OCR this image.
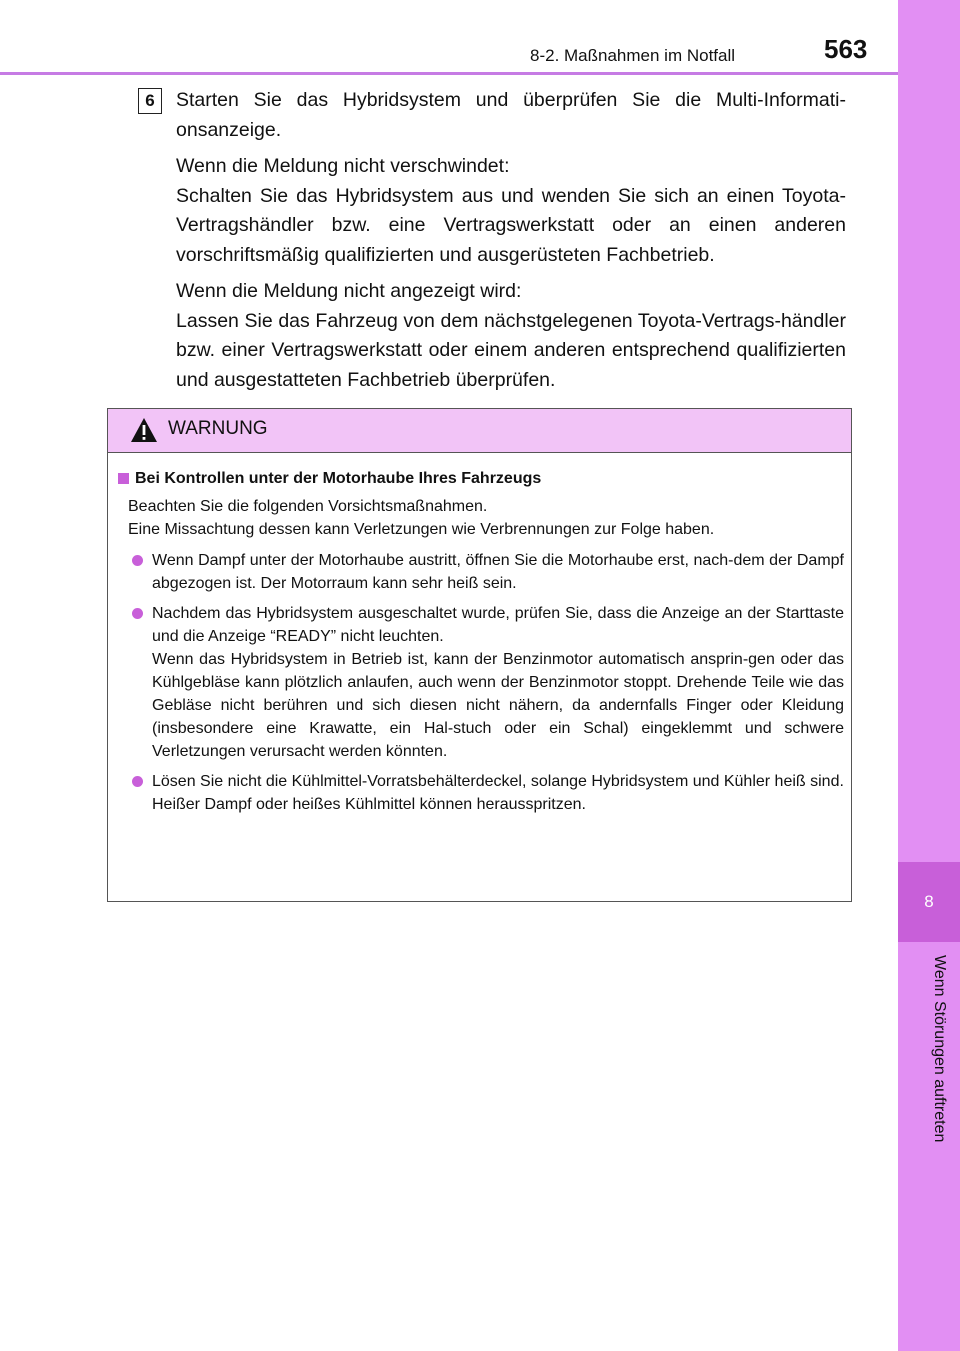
8-2. Maßnahmen im Notfall	563
8
Wenn Störungen auftreten
6	Starten Sie das Hybridsystem und überprüfen Sie die Multi-Informati-onsanzeige.

Wenn die Meldung nicht verschwindet:
Schalten Sie das Hybridsystem aus und wenden Sie sich an einen Toyota-Vertragshändler bzw. eine Vertragswerkstatt oder an einen anderen vorschriftsmäßig qualifizierten und ausgerüsteten Fachbetrieb.

Wenn die Meldung nicht angezeigt wird:
Lassen Sie das Fahrzeug von dem nächstgelegenen Toyota-Vertrags-händler bzw. einer Vertragswerkstatt oder einem anderen entsprechend qualifizierten und ausgestatteten Fachbetrieb überprüfen.

WARNUNG
Bei Kontrollen unter der Motorhaube Ihres Fahrzeugs

Beachten Sie die folgenden Vorsichtsmaßnahmen.
Eine Missachtung dessen kann Verletzungen wie Verbrennungen zur Folge haben.

Wenn Dampf unter der Motorhaube austritt, öffnen Sie die Motorhaube erst, nach-dem der Dampf abgezogen ist. Der Motorraum kann sehr heiß sein.

Nachdem das Hybridsystem ausgeschaltet wurde, prüfen Sie, dass die Anzeige an der Starttaste und die Anzeige “READY” nicht leuchten.
Wenn das Hybridsystem in Betrieb ist, kann der Benzinmotor automatisch ansprin-gen oder das Kühlgebläse kann plötzlich anlaufen, auch wenn der Benzinmotor stoppt. Drehende Teile wie das Gebläse nicht berühren und sich diesen nicht nähern, da andernfalls Finger oder Kleidung (insbesondere eine Krawatte, ein Hal-stuch oder ein Schal) eingeklemmt und schwere Verletzungen verursacht werden könnten.

Lösen Sie nicht die Kühlmittel-Vorratsbehälterdeckel, solange Hybridsystem und Kühler heiß sind.
Heißer Dampf oder heißes Kühlmittel können herausspritzen.
